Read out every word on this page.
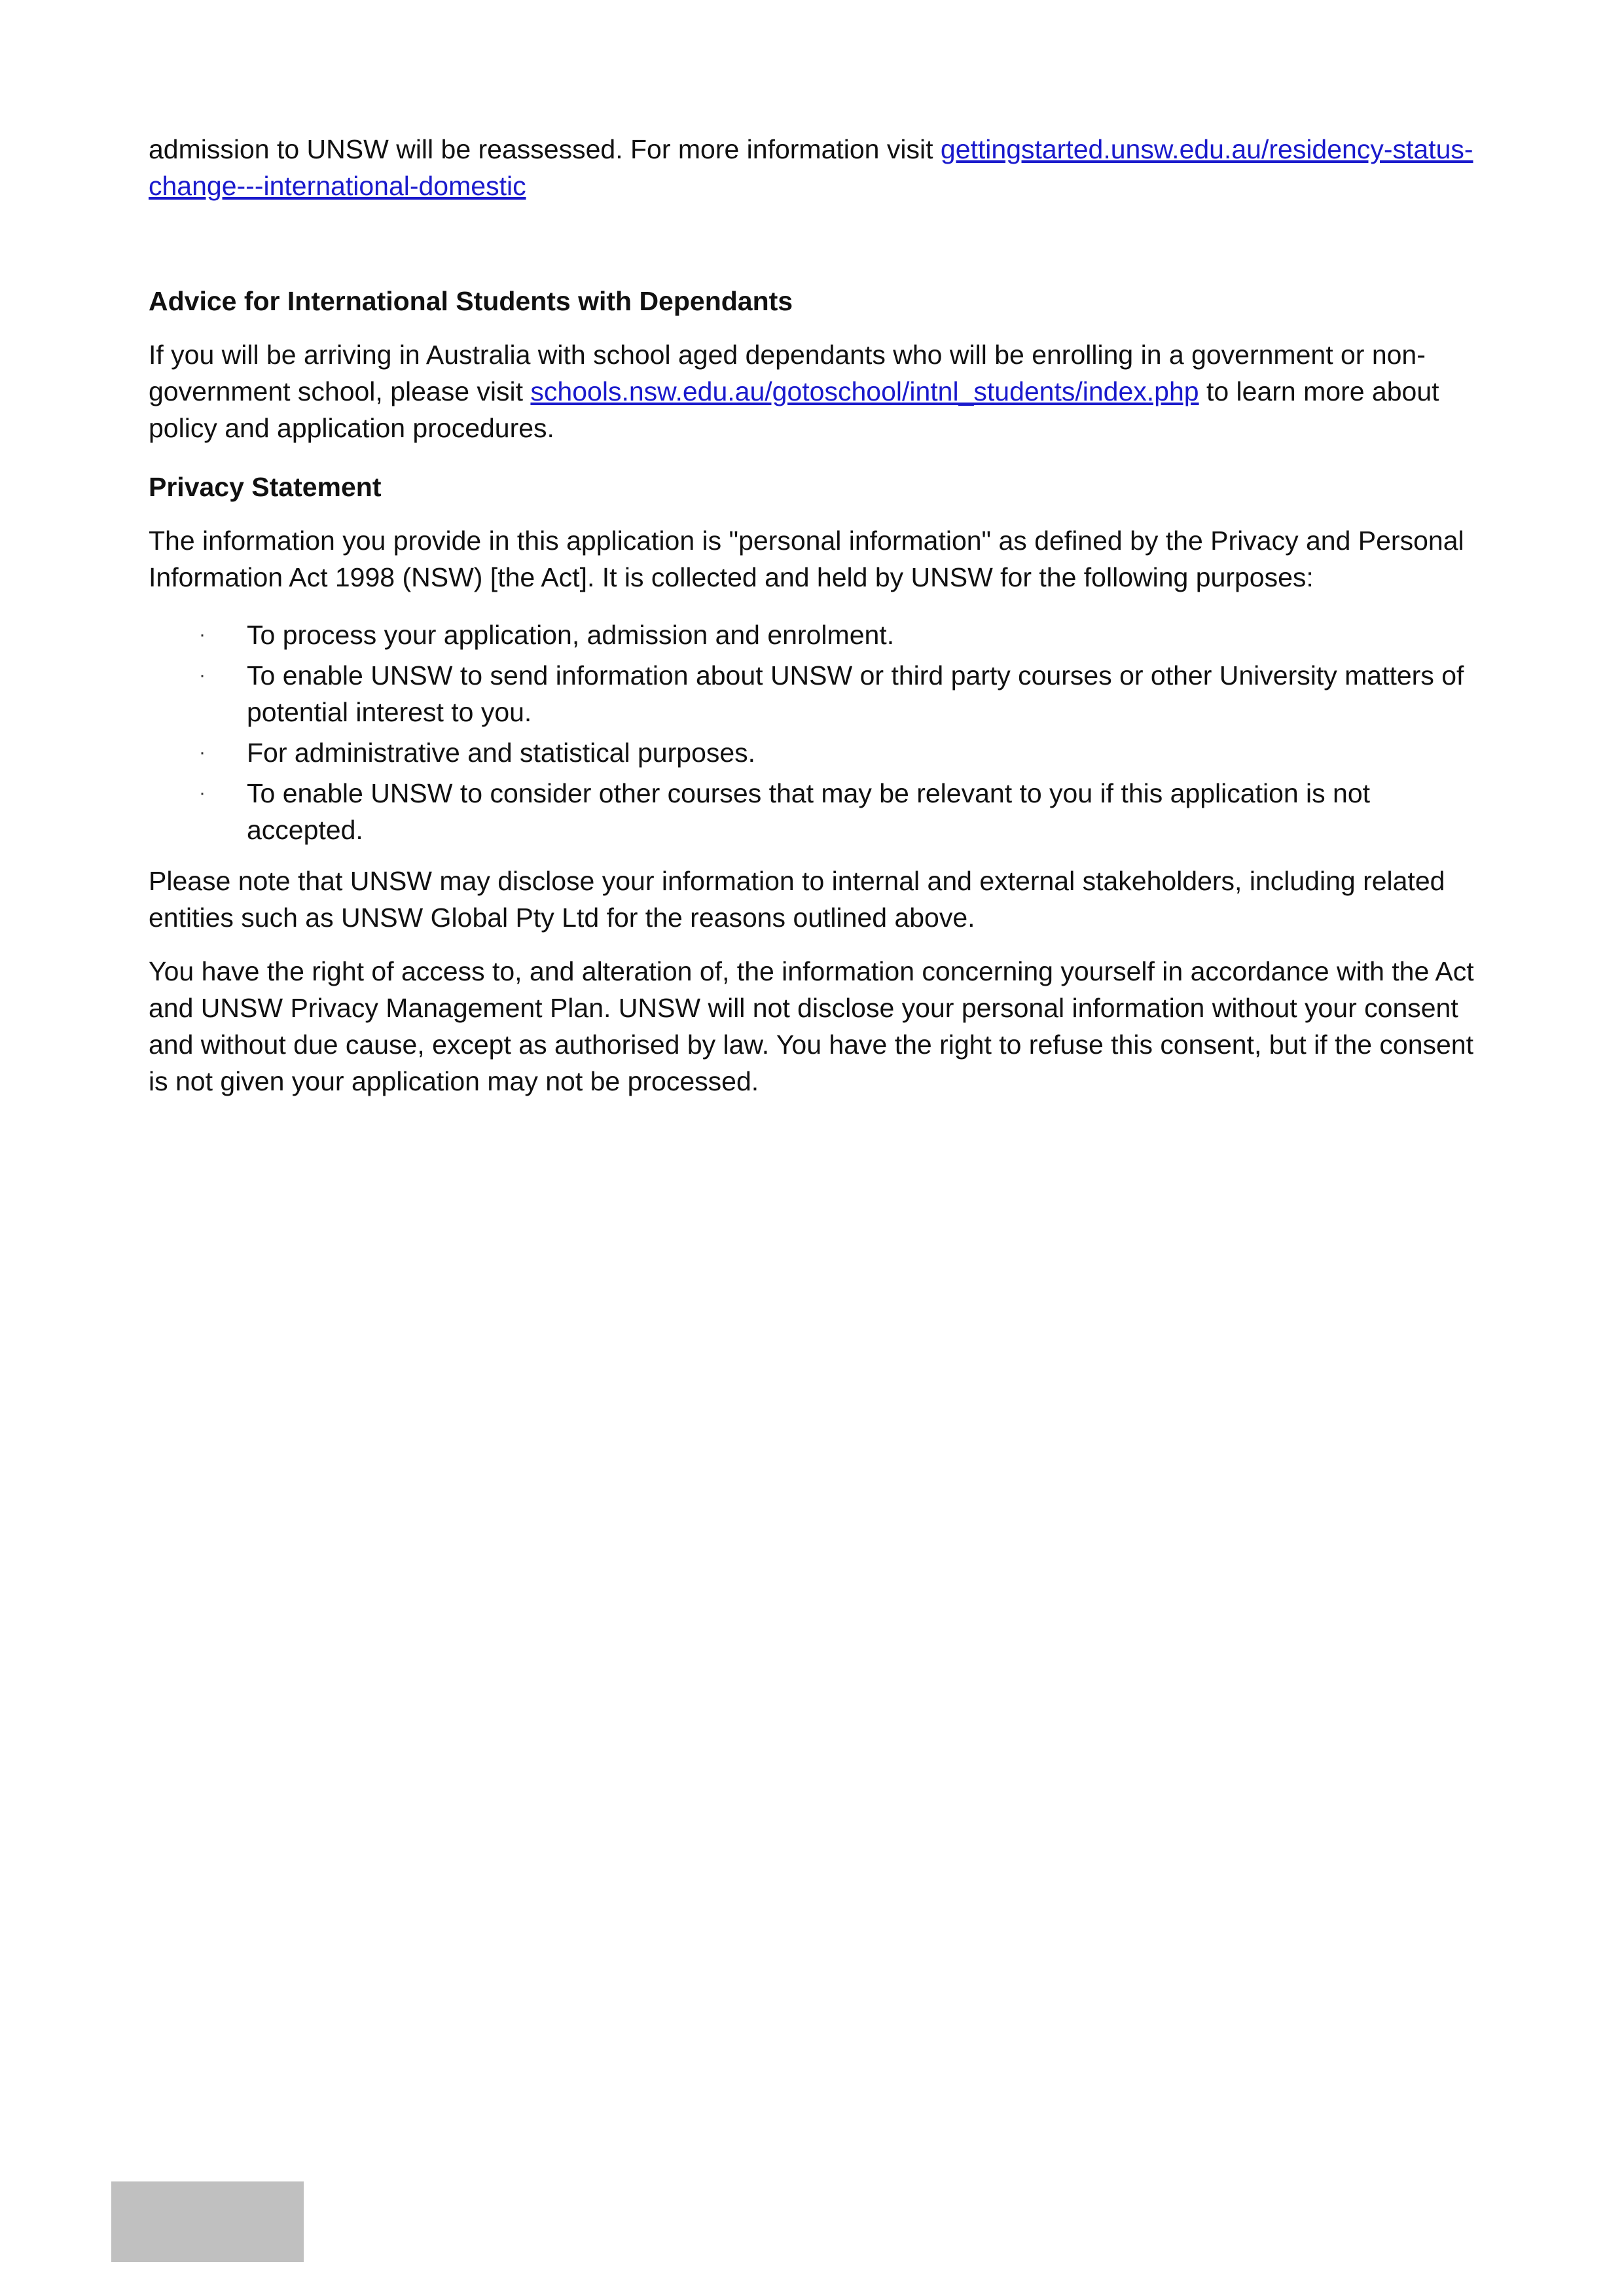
admission to UNSW will be reassessed. For more information visit gettingstarted.unsw.edu.au/residency-status-change---international-domestic

Advice for International Students with Dependants

If you will be arriving in Australia with school aged dependants who will be enrolling in a government or non-government school, please visit schools.nsw.edu.au/gotoschool/intnl_students/index.php to learn more about policy and application procedures.

Privacy Statement

The information you provide in this application is "personal information" as defined by the Privacy and Personal Information Act 1998 (NSW) [the Act]. It is collected and held by UNSW for the following purposes:

· To process your application, admission and enrolment.
· To enable UNSW to send information about UNSW or third party courses or other University matters of potential interest to you.
· For administrative and statistical purposes.
· To enable UNSW to consider other courses that may be relevant to you if this application is not accepted.

Please note that UNSW may disclose your information to internal and external stakeholders, including related entities such as UNSW Global Pty Ltd for the reasons outlined above.

You have the right of access to, and alteration of, the information concerning yourself in accordance with the Act and UNSW Privacy Management Plan. UNSW will not disclose your personal information without your consent and without due cause, except as authorised by law. You have the right to refuse this consent, but if the consent is not given your application may not be processed.
